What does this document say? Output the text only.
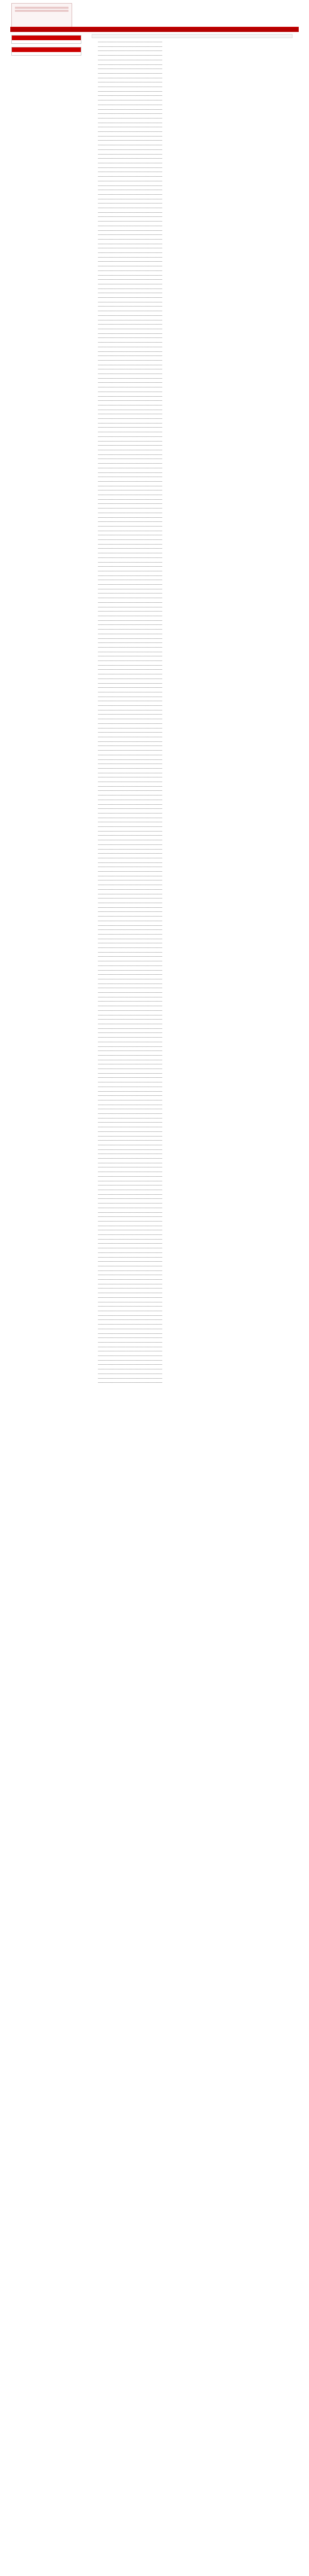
•••••••••••••••••••••••••••••••••••••••••••••••••••••••••••

•••••••••••••••••••••••••••••••••••••••••••••••••••••••••••

•••••••••••••••••••••••••••••••••••••••••••••••••••••••••••

•••••••••••••••••••••••••••••••••••••••••••••••••••••••••••

•••••••••••••••••••••••••••••••••••••••••••••••••••••••••••

•••••••••••••••••••••••••••••••••••••••••••••••••••••••••••

•••••••••••••••••••••••••••••••••••••••••••••••••••••••••••

•••••••••••••••••••••••••••••••••••••••••••••••••••••••••••

•••••••••••••••••••••••••••••••••••••••••••••••••••••••••••

•••••••••••••••••••••••••••••••••••••••••••••••••••••••••••

•••••••••••••••••••••••••••••••••••••••••••••••••••••••••••

•••••••••••••••••••••••••••••••••••••••••••••••••••••••••••

•••••••••••••••••••••••••••••••••••••••••••••••••••••••••••

•••••••••••••••••••••••••••••••••••••••••••••••••••••••••••

•••••••••••••••••••••••••••••••••••••••••••••••••••••••••••

•••••••••••••••••••••••••••••••••••••••••••••••••••••••••••

•••••••••••••••••••••••••••••••••••••••••••••••••••••••••••

•••••••••••••••••••••••••••••••••••••••••••••••••••••••••••

•••••••••••••••••••••••••••••••••••••••••••••••••••••••••••

•••••••••••••••••••••••••••••••••••••••••••••••••••••••••••

•••••••••••••••••••••••••••••••••••••••••••••••••••••••••••

•••••••••••••••••••••••••••••••••••••••••••••••••••••••••••

•••••••••••••••••••••••••••••••••••••••••••••••••••••••••••

•••••••••••••••••••••••••••••••••••••••••••••••••••••••••••

•••••••••••••••••••••••••••••••••••••••••••••••••••••••••••

•••••••••••••••••••••••••••••••••••••••••••••••••••••••••••

•••••••••••••••••••••••••••••••••••••••••••••••••••••••••••

•••••••••••••••••••••••••••••••••••••••••••••••••••••••••••

•••••••••••••••••••••••••••••••••••••••••••••••••••••••••••

•••••••••••••••••••••••••••••••••••••••••••••••••••••••••••

•••••••••••••••••••••••••••••••••••••••••••••••••••••••••••

•••••••••••••••••••••••••••••••••••••••••••••••••••••••••••

•••••••••••••••••••••••••••••••••••••••••••••••••••••••••••

•••••••••••••••••••••••••••••••••••••••••••••••••••••••••••

•••••••••••••••••••••••••••••••••••••••••••••••••••••••••••

•••••••••••••••••••••••••••••••••••••••••••••••••••••••••••

•••••••••••••••••••••••••••••••••••••••••••••••••••••••••••

•••••••••••••••••••••••••••••••••••••••••••••••••••••••••••

•••••••••••••••••••••••••••••••••••••••••••••••••••••••••••

•••••••••••••••••••••••••••••••••••••••••••••••••••••••••••

•••••••••••••••••••••••••••••••••••••••••••••••••••••••••••

•••••••••••••••••••••••••••••••••••••••••••••••••••••••••••

•••••••••••••••••••••••••••••••••••••••••••••••••••••••••••

•••••••••••••••••••••••••••••••••••••••••••••••••••••••••••

•••••••••••••••••••••••••••••••••••••••••••••••••••••••••••

•••••••••••••••••••••••••••••••••••••••••••••••••••••••••••

•••••••••••••••••••••••••••••••••••••••••••••••••••••••••••

•••••••••••••••••••••••••••••••••••••••••••••••••••••••••••

•••••••••••••••••••••••••••••••••••••••••••••••••••••••••••

•••••••••••••••••••••••••••••••••••••••••••••••••••••••••••

•••••••••••••••••••••••••••••••••••••••••••••••••••••••••••

•••••••••••••••••••••••••••••••••••••••••••••••••••••••••••

•••••••••••••••••••••••••••••••••••••••••••••••••••••••••••

•••••••••••••••••••••••••••••••••••••••••••••••••••••••••••

•••••••••••••••••••••••••••••••••••••••••••••••••••••••••••

•••••••••••••••••••••••••••••••••••••••••••••••••••••••••••

•••••••••••••••••••••••••••••••••••••••••••••••••••••••••••

•••••••••••••••••••••••••••••••••••••••••••••••••••••••••••

•••••••••••••••••••••••••••••••••••••••••••••••••••••••••••

•••••••••••••••••••••••••••••••••••••••••••••••••••••••••••

•••••••••••••••••••••••••••••••••••••••••••••••••••••••••••

•••••••••••••••••••••••••••••••••••••••••••••••••••••••••••

•••••••••••••••••••••••••••••••••••••••••••••••••••••••••••

•••••••••••••••••••••••••••••••••••••••••••••••••••••••••••

•••••••••••••••••••••••••••••••••••••••••••••••••••••••••••

•••••••••••••••••••••••••••••••••••••••••••••••••••••••••••

•••••••••••••••••••••••••••••••••••••••••••••••••••••••••••

•••••••••••••••••••••••••••••••••••••••••••••••••••••••••••

•••••••••••••••••••••••••••••••••••••••••••••••••••••••••••

•••••••••••••••••••••••••••••••••••••••••••••••••••••••••••

•••••••••••••••••••••••••••••••••••••••••••••••••••••••••••

•••••••••••••••••••••••••••••••••••••••••••••••••••••••••••

•••••••••••••••••••••••••••••••••••••••••••••••••••••••••••

•••••••••••••••••••••••••••••••••••••••••••••••••••••••••••

•••••••••••••••••••••••••••••••••••••••••••••••••••••••••••

•••••••••••••••••••••••••••••••••••••••••••••••••••••••••••

•••••••••••••••••••••••••••••••••••••••••••••••••••••••••••

•••••••••••••••••••••••••••••••••••••••••••••••••••••••••••

•••••••••••••••••••••••••••••••••••••••••••••••••••••••••••

•••••••••••••••••••••••••••••••••••••••••••••••••••••••••••

•••••••••••••••••••••••••••••••••••••••••••••••••••••••••••

•••••••••••••••••••••••••••••••••••••••••••••••••••••••••••

•••••••••••••••••••••••••••••••••••••••••••••••••••••••••••

•••••••••••••••••••••••••••••••••••••••••••••••••••••••••••

•••••••••••••••••••••••••••••••••••••••••••••••••••••••••••

•••••••••••••••••••••••••••••••••••••••••••••••••••••••••••

•••••••••••••••••••••••••••••••••••••••••••••••••••••••••••

•••••••••••••••••••••••••••••••••••••••••••••••••••••••••••

•••••••••••••••••••••••••••••••••••••••••••••••••••••••••••

•••••••••••••••••••••••••••••••••••••••••••••••••••••••••••

•••••••••••••••••••••••••••••••••••••••••••••••••••••••••••

•••••••••••••••••••••••••••••••••••••••••••••••••••••••••••

•••••••••••••••••••••••••••••••••••••••••••••••••••••••••••

•••••••••••••••••••••••••••••••••••••••••••••••••••••••••••

•••••••••••••••••••••••••••••••••••••••••••••••••••••••••••

•••••••••••••••••••••••••••••••••••••••••••••••••••••••••••

•••••••••••••••••••••••••••••••••••••••••••••••••••••••••••

•••••••••••••••••••••••••••••••••••••••••••••••••••••••••••

•••••••••••••••••••••••••••••••••••••••••••••••••••••••••••

•••••••••••••••••••••••••••••••••••••••••••••••••••••••••••

•••••••••••••••••••••••••••••••••••••••••••••••••••••••••••

•••••••••••••••••••••••••••••••••••••••••••••••••••••••••••

•••••••••••••••••••••••••••••••••••••••••••••••••••••••••••

•••••••••••••••••••••••••••••••••••••••••••••••••••••••••••

•••••••••••••••••••••••••••••••••••••••••••••••••••••••••••

•••••••••••••••••••••••••••••••••••••••••••••••••••••••••••

•••••••••••••••••••••••••••••••••••••••••••••••••••••••••••

•••••••••••••••••••••••••••••••••••••••••••••••••••••••••••

•••••••••••••••••••••••••••••••••••••••••••••••••••••••••••

•••••••••••••••••••••••••••••••••••••••••••••••••••••••••••

•••••••••••••••••••••••••••••••••••••••••••••••••••••••••••

•••••••••••••••••••••••••••••••••••••••••••••••••••••••••••

•••••••••••••••••••••••••••••••••••••••••••••••••••••••••••

•••••••••••••••••••••••••••••••••••••••••••••••••••••••••••

•••••••••••••••••••••••••••••••••••••••••••••••••••••••••••

•••••••••••••••••••••••••••••••••••••••••••••••••••••••••••

•••••••••••••••••••••••••••••••••••••••••••••••••••••••••••

•••••••••••••••••••••••••••••••••••••••••••••••••••••••••••

•••••••••••••••••••••••••••••••••••••••••••••••••••••••••••

•••••••••••••••••••••••••••••••••••••••••••••••••••••••••••

•••••••••••••••••••••••••••••••••••••••••••••••••••••••••••

•••••••••••••••••••••••••••••••••••••••••••••••••••••••••••

•••••••••••••••••••••••••••••••••••••••••••••••••••••••••••

•••••••••••••••••••••••••••••••••••••••••••••••••••••••••••

•••••••••••••••••••••••••••••••••••••••••••••••••••••••••••

•••••••••••••••••••••••••••••••••••••••••••••••••••••••••••

•••••••••••••••••••••••••••••••••••••••••••••••••••••••••••

•••••••••••••••••••••••••••••••••••••••••••••••••••••••••••

•••••••••••••••••••••••••••••••••••••••••••••••••••••••••••

•••••••••••••••••••••••••••••••••••••••••••••••••••••••••••

•••••••••••••••••••••••••••••••••••••••••••••••••••••••••••

•••••••••••••••••••••••••••••••••••••••••••••••••••••••••••

•••••••••••••••••••••••••••••••••••••••••••••••••••••••••••

•••••••••••••••••••••••••••••••••••••••••••••••••••••••••••

•••••••••••••••••••••••••••••••••••••••••••••••••••••••••••

•••••••••••••••••••••••••••••••••••••••••••••••••••••••••••

•••••••••••••••••••••••••••••••••••••••••••••••••••••••••••

•••••••••••••••••••••••••••••••••••••••••••••••••••••••••••

•••••••••••••••••••••••••••••••••••••••••••••••••••••••••••

•••••••••••••••••••••••••••••••••••••••••••••••••••••••••••

•••••••••••••••••••••••••••••••••••••••••••••••••••••••••••

•••••••••••••••••••••••••••••••••••••••••••••••••••••••••••

•••••••••••••••••••••••••••••••••••••••••••••••••••••••••••

•••••••••••••••••••••••••••••••••••••••••••••••••••••••••••

•••••••••••••••••••••••••••••••••••••••••••••••••••••••••••

•••••••••••••••••••••••••••••••••••••••••••••••••••••••••••

•••••••••••••••••••••••••••••••••••••••••••••••••••••••••••

•••••••••••••••••••••••••••••••••••••••••••••••••••••••••••

•••••••••••••••••••••••••••••••••••••••••••••••••••••••••••

•••••••••••••••••••••••••••••••••••••••••••••••••••••••••••

•••••••••••••••••••••••••••••••••••••••••••••••••••••••••••

•••••••••••••••••••••••••••••••••••••••••••••••••••••••••••

•••••••••••••••••••••••••••••••••••••••••••••••••••••••••••

•••••••••••••••••••••••••••••••••••••••••••••••••••••••••••

•••••••••••••••••••••••••••••••••••••••••••••••••••••••••••

•••••••••••••••••••••••••••••••••••••••••••••••••••••••••••

•••••••••••••••••••••••••••••••••••••••••••••••••••••••••••

•••••••••••••••••••••••••••••••••••••••••••••••••••••••••••

•••••••••••••••••••••••••••••••••••••••••••••••••••••••••••

•••••••••••••••••••••••••••••••••••••••••••••••••••••••••••

•••••••••••••••••••••••••••••••••••••••••••••••••••••••••••

•••••••••••••••••••••••••••••••••••••••••••••••••••••••••••

•••••••••••••••••••••••••••••••••••••••••••••••••••••••••••

•••••••••••••••••••••••••••••••••••••••••••••••••••••••••••

•••••••••••••••••••••••••••••••••••••••••••••••••••••••••••

•••••••••••••••••••••••••••••••••••••••••••••••••••••••••••

•••••••••••••••••••••••••••••••••••••••••••••••••••••••••••

•••••••••••••••••••••••••••••••••••••••••••••••••••••••••••

•••••••••••••••••••••••••••••••••••••••••••••••••••••••••••

•••••••••••••••••••••••••••••••••••••••••••••••••••••••••••

•••••••••••••••••••••••••••••••••••••••••••••••••••••••••••

•••••••••••••••••••••••••••••••••••••••••••••••••••••••••••

•••••••••••••••••••••••••••••••••••••••••••••••••••••••••••

•••••••••••••••••••••••••••••••••••••••••••••••••••••••••••

•••••••••••••••••••••••••••••••••••••••••••••••••••••••••••

•••••••••••••••••••••••••••••••••••••••••••••••••••••••••••

•••••••••••••••••••••••••••••••••••••••••••••••••••••••••••

•••••••••••••••••••••••••••••••••••••••••••••••••••••••••••

•••••••••••••••••••••••••••••••••••••••••••••••••••••••••••

•••••••••••••••••••••••••••••••••••••••••••••••••••••••••••

•••••••••••••••••••••••••••••••••••••••••••••••••••••••••••

•••••••••••••••••••••••••••••••••••••••••••••••••••••••••••

•••••••••••••••••••••••••••••••••••••••••••••••••••••••••••

•••••••••••••••••••••••••••••••••••••••••••••••••••••••••••

•••••••••••••••••••••••••••••••••••••••••••••••••••••••••••

•••••••••••••••••••••••••••••••••••••••••••••••••••••••••••

•••••••••••••••••••••••••••••••••••••••••••••••••••••••••••

•••••••••••••••••••••••••••••••••••••••••••••••••••••••••••

•••••••••••••••••••••••••••••••••••••••••••••••••••••••••••

•••••••••••••••••••••••••••••••••••••••••••••••••••••••••••

•••••••••••••••••••••••••••••••••••••••••••••••••••••••••••

•••••••••••••••••••••••••••••••••••••••••••••••••••••••••••

•••••••••••••••••••••••••••••••••••••••••••••••••••••••••••

•••••••••••••••••••••••••••••••••••••••••••••••••••••••••••

•••••••••••••••••••••••••••••••••••••••••••••••••••••••••••

•••••••••••••••••••••••••••••••••••••••••••••••••••••••••••

•••••••••••••••••••••••••••••••••••••••••••••••••••••••••••

•••••••••••••••••••••••••••••••••••••••••••••••••••••••••••

•••••••••••••••••••••••••••••••••••••••••••••••••••••••••••

•••••••••••••••••••••••••••••••••••••••••••••••••••••••••••

•••••••••••••••••••••••••••••••••••••••••••••••••••••••••••

•••••••••••••••••••••••••••••••••••••••••••••••••••••••••••

•••••••••••••••••••••••••••••••••••••••••••••••••••••••••••

•••••••••••••••••••••••••••••••••••••••••••••••••••••••••••

•••••••••••••••••••••••••••••••••••••••••••••••••••••••••••

•••••••••••••••••••••••••••••••••••••••••••••••••••••••••••

•••••••••••••••••••••••••••••••••••••••••••••••••••••••••••

•••••••••••••••••••••••••••••••••••••••••••••••••••••••••••

•••••••••••••••••••••••••••••••••••••••••••••••••••••••••••

•••••••••••••••••••••••••••••••••••••••••••••••••••••••••••

•••••••••••••••••••••••••••••••••••••••••••••••••••••••••••

•••••••••••••••••••••••••••••••••••••••••••••••••••••••••••

•••••••••••••••••••••••••••••••••••••••••••••••••••••••••••

•••••••••••••••••••••••••••••••••••••••••••••••••••••••••••

•••••••••••••••••••••••••••••••••••••••••••••••••••••••••••

•••••••••••••••••••••••••••••••••••••••••••••••••••••••••••

•••••••••••••••••••••••••••••••••••••••••••••••••••••••••••

•••••••••••••••••••••••••••••••••••••••••••••••••••••••••••

•••••••••••••••••••••••••••••••••••••••••••••••••••••••••••

•••••••••••••••••••••••••••••••••••••••••••••••••••••••••••

•••••••••••••••••••••••••••••••••••••••••••••••••••••••••••

•••••••••••••••••••••••••••••••••••••••••••••••••••••••••••

•••••••••••••••••••••••••••••••••••••••••••••••••••••••••••

•••••••••••••••••••••••••••••••••••••••••••••••••••••••••••

•••••••••••••••••••••••••••••••••••••••••••••••••••••••••••

•••••••••••••••••••••••••••••••••••••••••••••••••••••••••••

•••••••••••••••••••••••••••••••••••••••••••••••••••••••••••

•••••••••••••••••••••••••••••••••••••••••••••••••••••••••••

•••••••••••••••••••••••••••••••••••••••••••••••••••••••••••

•••••••••••••••••••••••••••••••••••••••••••••••••••••••••••

•••••••••••••••••••••••••••••••••••••••••••••••••••••••••••

•••••••••••••••••••••••••••••••••••••••••••••••••••••••••••

•••••••••••••••••••••••••••••••••••••••••••••••••••••••••••

•••••••••••••••••••••••••••••••••••••••••••••••••••••••••••

•••••••••••••••••••••••••••••••••••••••••••••••••••••••••••

•••••••••••••••••••••••••••••••••••••••••••••••••••••••••••

•••••••••••••••••••••••••••••••••••••••••••••••••••••••••••

•••••••••••••••••••••••••••••••••••••••••••••••••••••••••••

•••••••••••••••••••••••••••••••••••••••••••••••••••••••••••

•••••••••••••••••••••••••••••••••••••••••••••••••••••••••••

•••••••••••••••••••••••••••••••••••••••••••••••••••••••••••

•••••••••••••••••••••••••••••••••••••••••••••••••••••••••••

•••••••••••••••••••••••••••••••••••••••••••••••••••••••••••

•••••••••••••••••••••••••••••••••••••••••••••••••••••••••••

•••••••••••••••••••••••••••••••••••••••••••••••••••••••••••

•••••••••••••••••••••••••••••••••••••••••••••••••••••••••••

•••••••••••••••••••••••••••••••••••••••••••••••••••••••••••

•••••••••••••••••••••••••••••••••••••••••••••••••••••••••••

•••••••••••••••••••••••••••••••••••••••••••••••••••••••••••

•••••••••••••••••••••••••••••••••••••••••••••••••••••••••••

•••••••••••••••••••••••••••••••••••••••••••••••••••••••••••

•••••••••••••••••••••••••••••••••••••••••••••••••••••••••••

•••••••••••••••••••••••••••••••••••••••••••••••••••••••••••

•••••••••••••••••••••••••••••••••••••••••••••••••••••••••••

•••••••••••••••••••••••••••••••••••••••••••••••••••••••••••

•••••••••••••••••••••••••••••••••••••••••••••••••••••••••••

•••••••••••••••••••••••••••••••••••••••••••••••••••••••••••

•••••••••••••••••••••••••••••••••••••••••••••••••••••••••••

•••••••••••••••••••••••••••••••••••••••••••••••••••••••••••

•••••••••••••••••••••••••••••••••••••••••••••••••••••••••••

•••••••••••••••••••••••••••••••••••••••••••••••••••••••••••

•••••••••••••••••••••••••••••••••••••••••••••••••••••••••••

•••••••••••••••••••••••••••••••••••••••••••••••••••••••••••

•••••••••••••••••••••••••••••••••••••••••••••••••••••••••••

•••••••••••••••••••••••••••••••••••••••••••••••••••••••••••

•••••••••••••••••••••••••••••••••••••••••••••••••••••••••••

•••••••••••••••••••••••••••••••••••••••••••••••••••••••••••

•••••••••••••••••••••••••••••••••••••••••••••••••••••••••••

•••••••••••••••••••••••••••••••••••••••••••••••••••••••••••

•••••••••••••••••••••••••••••••••••••••••••••••••••••••••••

•••••••••••••••••••••••••••••••••••••••••••••••••••••••••••

•••••••••••••••••••••••••••••••••••••••••••••••••••••••••••

•••••••••••••••••••••••••••••••••••••••••••••••••••••••••••

•••••••••••••••••••••••••••••••••••••••••••••••••••••••••••

•••••••••••••••••••••••••••••••••••••••••••••••••••••••••••

•••••••••••••••••••••••••••••••••••••••••••••••••••••••••••

•••••••••••••••••••••••••••••••••••••••••••••••••••••••••••

•••••••••••••••••••••••••••••••••••••••••••••••••••••••••••

•••••••••••••••••••••••••••••••••••••••••••••••••••••••••••

•••••••••••••••••••••••••••••••••••••••••••••••••••••••••••

•••••••••••••••••••••••••••••••••••••••••••••••••••••••••••

•••••••••••••••••••••••••••••••••••••••••••••••••••••••••••

•••••••••••••••••••••••••••••••••••••••••••••••••••••••••••

•••••••••••••••••••••••••••••••••••••••••••••••••••••••••••

•••••••••••••••••••••••••••••••••••••••••••••••••••••••••••

•••••••••••••••••••••••••••••••••••••••••••••••••••••••••••

•••••••••••••••••••••••••••••••••••••••••••••••••••••••••••

•••••••••••••••••••••••••••••••••••••••••••••••••••••••••••

•••••••••••••••••••••••••••••••••••••••••••••••••••••••••••

•••••••••••••••••••••••••••••••••••••••••••••••••••••••••••

•••••••••••••••••••••••••••••••••••••••••••••••••••••••••••

•••••••••••••••••••••••••••••••••••••••••••••••••••••••••••

•••••••••••••••••••••••••••••••••••••••••••••••••••••••••••

•••••••••••••••••••••••••••••••••••••••••••••••••••••••••••

•••••••••••••••••••••••••••••••••••••••••••••••••••••••••••

•••••••••••••••••••••••••••••••••••••••••••••••••••••••••••

•••••••••••••••••••••••••••••••••••••••••••••••••••••••••••

•••••••••••••••••••••••••••••••••••••••••••••••••••••••••••

•••••••••••••••••••••••••••••••••••••••••••••••••••••••••••

•••••••••••••••••••••••••••••••••••••••••••••••••••••••••••
